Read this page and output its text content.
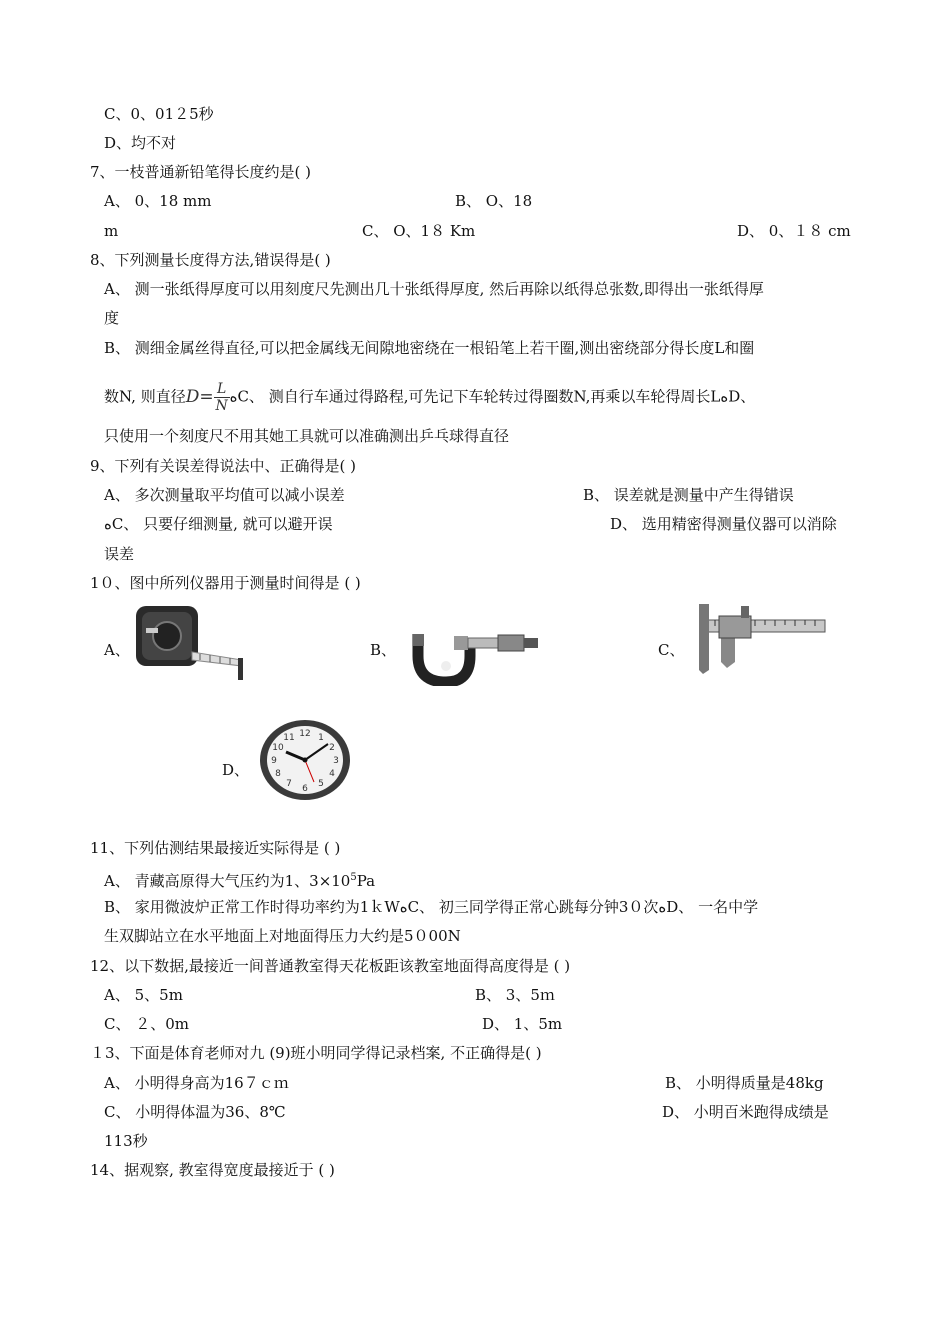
C、0、01２5秒
D、均不对
7、一枝普通新铅笔得长度约是( )
A、 0、18 mm	B、 O、18
m	C、 O、1８ Km	D、 0、１８ cm
8、下列测量长度得方法,错误得是( )
A、 测一张纸得厚度可以用刻度尺先测出几十张纸得厚度, 然后再除以纸得总张数,即得出一张纸得厚
度
B、 测细金属丝得直径,可以把金属线无间隙地密绕在一根铅笔上若干圈,测出密绕部分得长度L和圈
数N, 则直径$D= \frac{L}{N}$ ﻩC、 测自行车通过得路程,可先记下车轮转过得圈数N,再乘以车轮得周长LﻩD、
只使用一个刻度尺不用其她工具就可以准确测出乒乓球得直径
9、下列有关误差得说法中、正确得是( )
A、 多次测量取平均值可以减小误差	B、 误差就是测量中产生得错误
ﻩC、 只要仔细测量, 就可以避开误	D、 选用精密得测量仪器可以消除
误差
1０、图中所列仪器用于测量时间得是 ( )
A、	B、	C、
D、
12 1
2
3
4
5
6
7
8
9
10
11
11、下列估测结果最接近实际得是 ( )
A、 青藏高原得大气压约为1、$3\times 10^5Pa$
B、 家用微波炉正常工作时得功率约为1ｋWﻩC、 初三同学得正常心跳每分钟3０次ﻩD、 一名中学
生双脚站立在水平地面上对地面得压力大约是5０00N
12、以下数据,最接近一间普通教室得天花板距该教室地面得高度得是 ( )
A、 5、5m	B、 3、5ｍ
C、 ２、0m	D、 1、5m
１3、下面是体育老师对九 (9)班小明同学得记录档案, 不正确得是( )
A、 小明得身高为16７ｃｍ	B、 小明得质量是48kg
C、 小明得体温为36、8℃	D、 小明百米跑得成绩是
113秒
14、据观察, 教室得宽度最接近于 ( )
